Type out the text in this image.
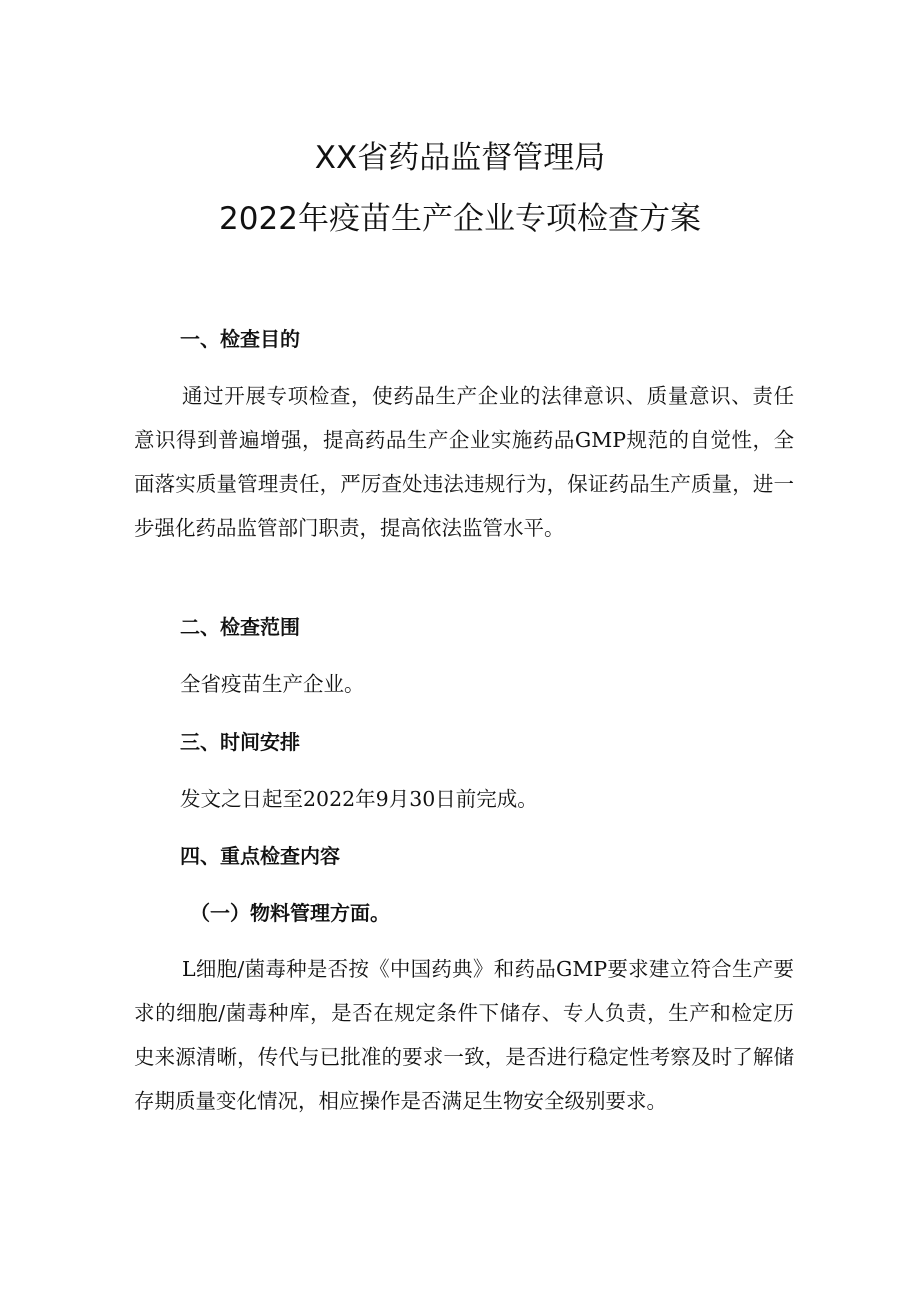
XX省药品监督管理局
2022年疫苗生产企业专项检查方案
一、检查目的
通过开展专项检查，使药品生产企业的法律意识、质量意识、责任意识得到普遍增强，提高药品生产企业实施药品GMP规范的自觉性，全面落实质量管理责任，严厉查处违法违规行为，保证药品生产质量，进一步强化药品监管部门职责，提高依法监管水平。
二、检查范围
全省疫苗生产企业。
三、时间安排
发文之日起至2022年9月30日前完成。
四、重点检查内容
（一）物料管理方面。
L细胞/菌毒种是否按《中国药典》和药品GMP要求建立符合生产要求的细胞/菌毒种库，是否在规定条件下储存、专人负责，生产和检定历史来源清晰，传代与已批准的要求一致，是否进行稳定性考察及时了解储存期质量变化情况，相应操作是否满足生物安全级别要求。
